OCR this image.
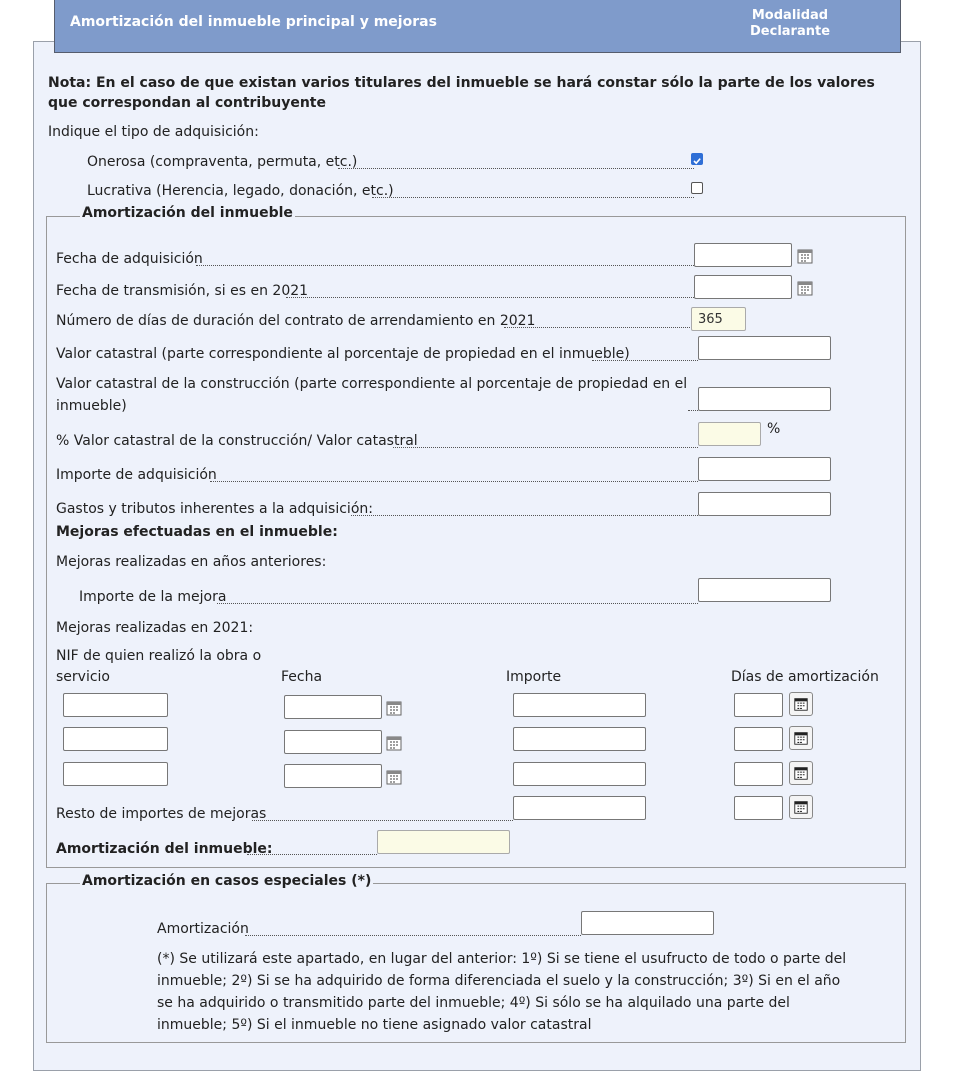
Amortización del inmueble principal y mejoras	Modalidad
Declarante
Nota: En el caso de que existan varios titulares del inmueble se hará constar sólo la parte de los valores que correspondan al contribuyente
Indique el tipo de adquisición:
Onerosa (compraventa, permuta, etc.)
Lucrativa (Herencia, legado, donación, etc.)
Amortización del inmueble
Fecha de adquisición
Fecha de transmisión, si es en 2021
Número de días de duración del contrato de arrendamiento en 2021
365
Valor catastral (parte correspondiente al porcentaje de propiedad en el inmueble)
Valor catastral de la construcción (parte correspondiente al porcentaje de propiedad en el
inmueble)
% Valor catastral de la construcción/ Valor catastral
%
Importe de adquisición
Gastos y tributos inherentes a la adquisición:
Mejoras efectuadas en el inmueble:
Mejoras realizadas en años anteriores:
Importe de la mejora
Mejoras realizadas en 2021:
NIF de quien realizó la obra o
servicio	Fecha	Importe	Días de amortización
Resto de importes de mejoras
Amortización del inmueble:
Amortización en casos especiales (*)
Amortización
(*) Se utilizará este apartado, en lugar del anterior: 1º) Si se tiene el usufructo de todo o parte del
inmueble; 2º) Si se ha adquirido de forma diferenciada el suelo y la construcción; 3º) Si en el año
se ha adquirido o transmitido parte del inmueble; 4º) Si sólo se ha alquilado una parte del
inmueble; 5º) Si el inmueble no tiene asignado valor catastral
